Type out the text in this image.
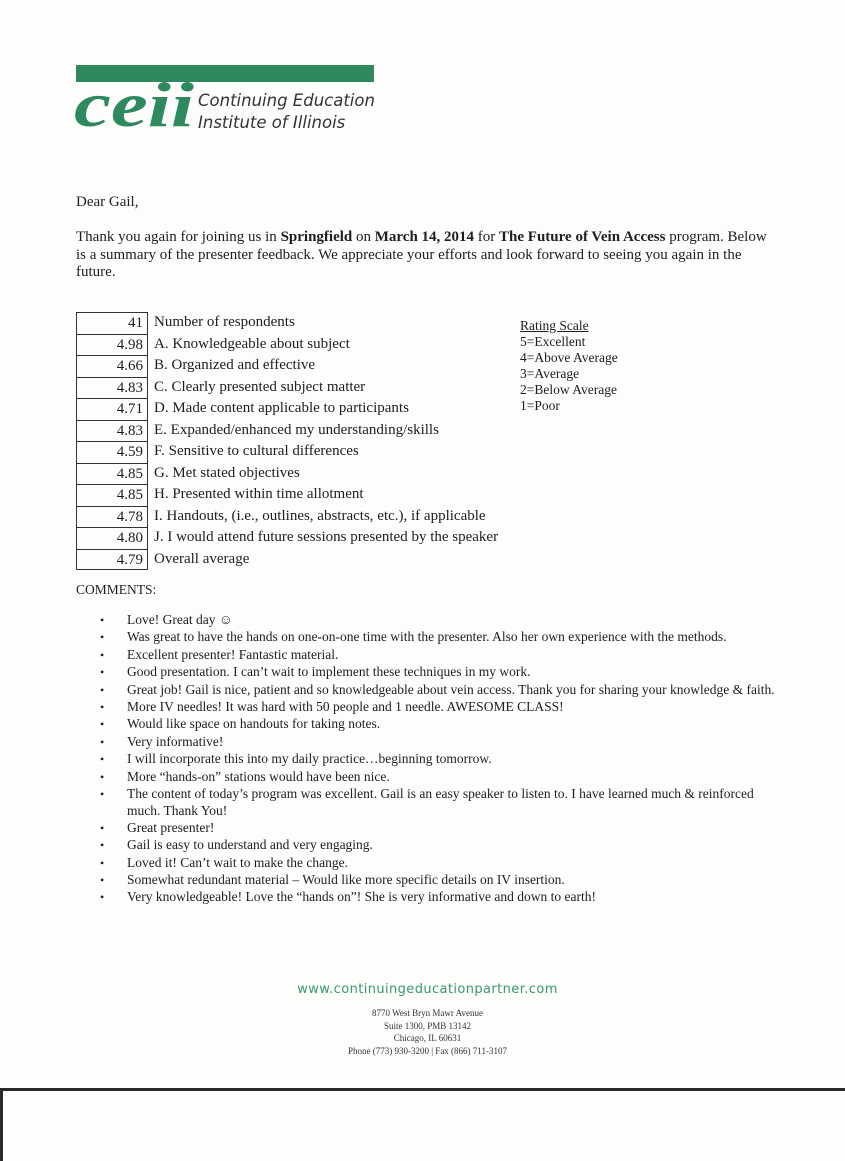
ceii Continuing Education
Institute of Illinois
Dear Gail,
Thank you again for joining us in Springfield on March 14, 2014 for The Future of Vein Access program. Below is a summary of the presenter feedback. We appreciate your efforts and look forward to seeing you again in the future.
41 Number of respondents
4.98 A. Knowledgeable about subject
4.66 B. Organized and effective
4.83 C. Clearly presented subject matter
4.71 D. Made content applicable to participants
4.83 E. Expanded/enhanced my understanding/skills
4.59 F. Sensitive to cultural differences
4.85 G. Met stated objectives
4.85 H. Presented within time allotment
4.78 I. Handouts, (i.e., outlines, abstracts, etc.), if applicable
4.80 J. I would attend future sessions presented by the speaker
4.79 Overall average
Rating Scale
5=Excellent
4=Above Average
3=Average
2=Below Average
1=Poor
COMMENTS:
• Love! Great day ☺
• Was great to have the hands on one-on-one time with the presenter. Also her own experience with the methods.
• Excellent presenter! Fantastic material.
• Good presentation. I can’t wait to implement these techniques in my work.
• Great job! Gail is nice, patient and so knowledgeable about vein access. Thank you for sharing your knowledge & faith.
• More IV needles! It was hard with 50 people and 1 needle. AWESOME CLASS!
• Would like space on handouts for taking notes.
• Very informative!
• I will incorporate this into my daily practice…beginning tomorrow.
• More “hands-on” stations would have been nice.
• The content of today’s program was excellent. Gail is an easy speaker to listen to. I have learned much & reinforced much. Thank You!
• Great presenter!
• Gail is easy to understand and very engaging.
• Loved it! Can’t wait to make the change.
• Somewhat redundant material – Would like more specific details on IV insertion.
• Very knowledgeable! Love the “hands on”! She is very informative and down to earth!
www.continuingeducationpartner.com
8770 West Bryn Mawr Avenue
Suite 1300, PMB 13142
Chicago, IL 60631
Phone (773) 930-3200 | Fax (866) 711-3107
